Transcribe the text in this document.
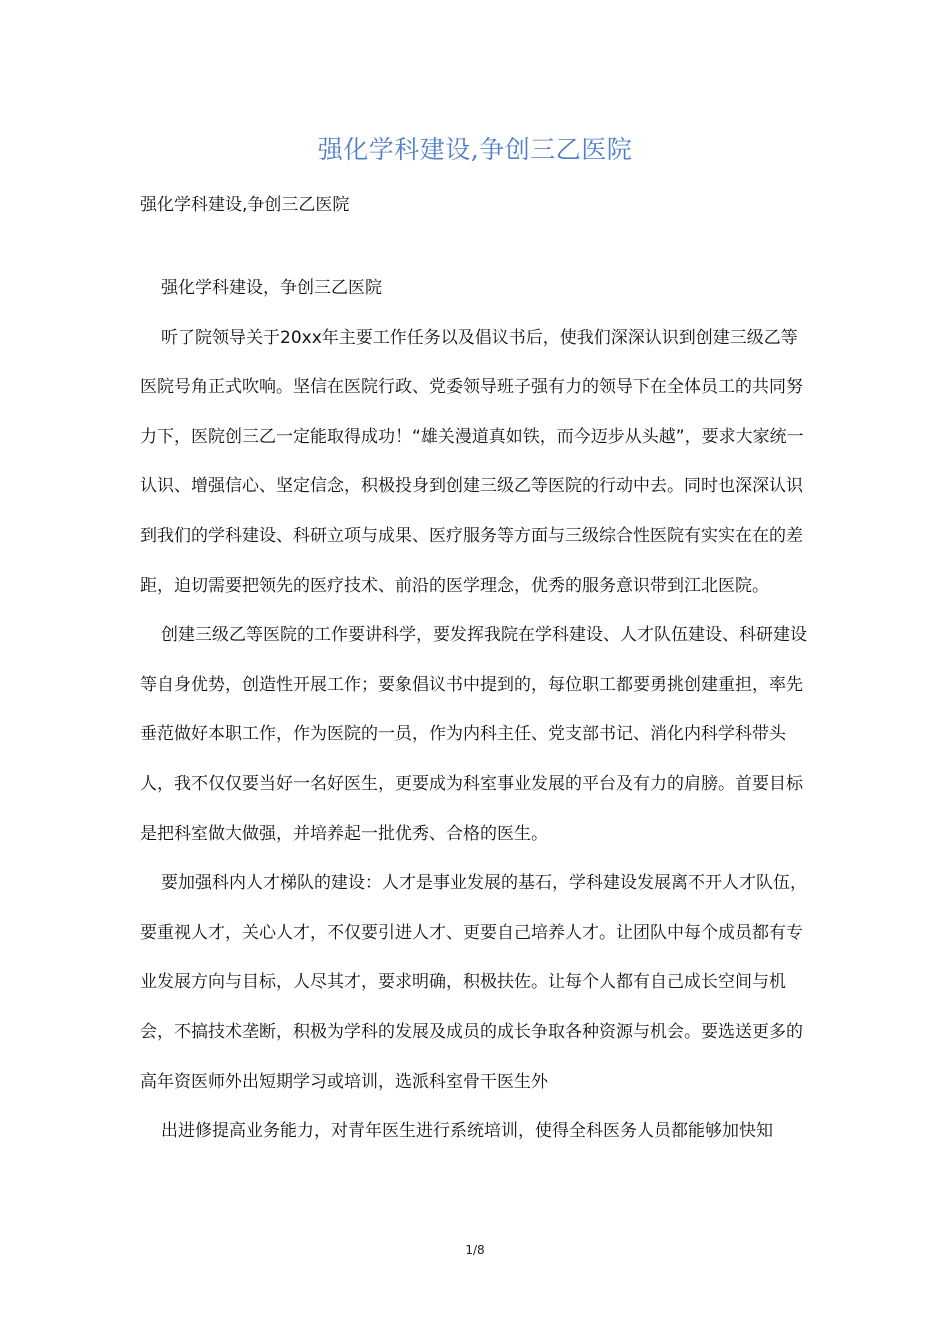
强化学科建设,争创三乙医院
强化学科建设,争创三乙医院

强化学科建设，争创三乙医院

听了院领导关于20xx年主要工作任务以及倡议书后，使我们深深认识到创建三级乙等医院号角正式吹响。坚信在医院行政、党委领导班子强有力的领导下在全体员工的共同努力下，医院创三乙一定能取得成功！“雄关漫道真如铁，而今迈步从头越”，要求大家统一认识、增强信心、坚定信念，积极投身到创建三级乙等医院的行动中去。同时也深深认识到我们的学科建设、科研立项与成果、医疗服务等方面与三级综合性医院有实实在在的差距，迫切需要把领先的医疗技术、前沿的医学理念，优秀的服务意识带到江北医院。

创建三级乙等医院的工作要讲科学，要发挥我院在学科建设、人才队伍建设、科研建设等自身优势，创造性开展工作；要象倡议书中提到的，每位职工都要勇挑创建重担，率先垂范做好本职工作，作为医院的一员，作为内科主任、党支部书记、消化内科学科带头人，我不仅仅要当好一名好医生，更要成为科室事业发展的平台及有力的肩膀。首要目标是把科室做大做强，并培养起一批优秀、合格的医生。

要加强科内人才梯队的建设：人才是事业发展的基石，学科建设发展离不开人才队伍，要重视人才，关心人才，不仅要引进人才、更要自己培养人才。让团队中每个成员都有专业发展方向与目标，人尽其才，要求明确，积极扶佐。让每个人都有自己成长空间与机会，不搞技术垄断，积极为学科的发展及成员的成长争取各种资源与机会。要选送更多的高年资医师外出短期学习或培训，选派科室骨干医生外

出进修提高业务能力，对青年医生进行系统培训，使得全科医务人员都能够加快知

1/8
